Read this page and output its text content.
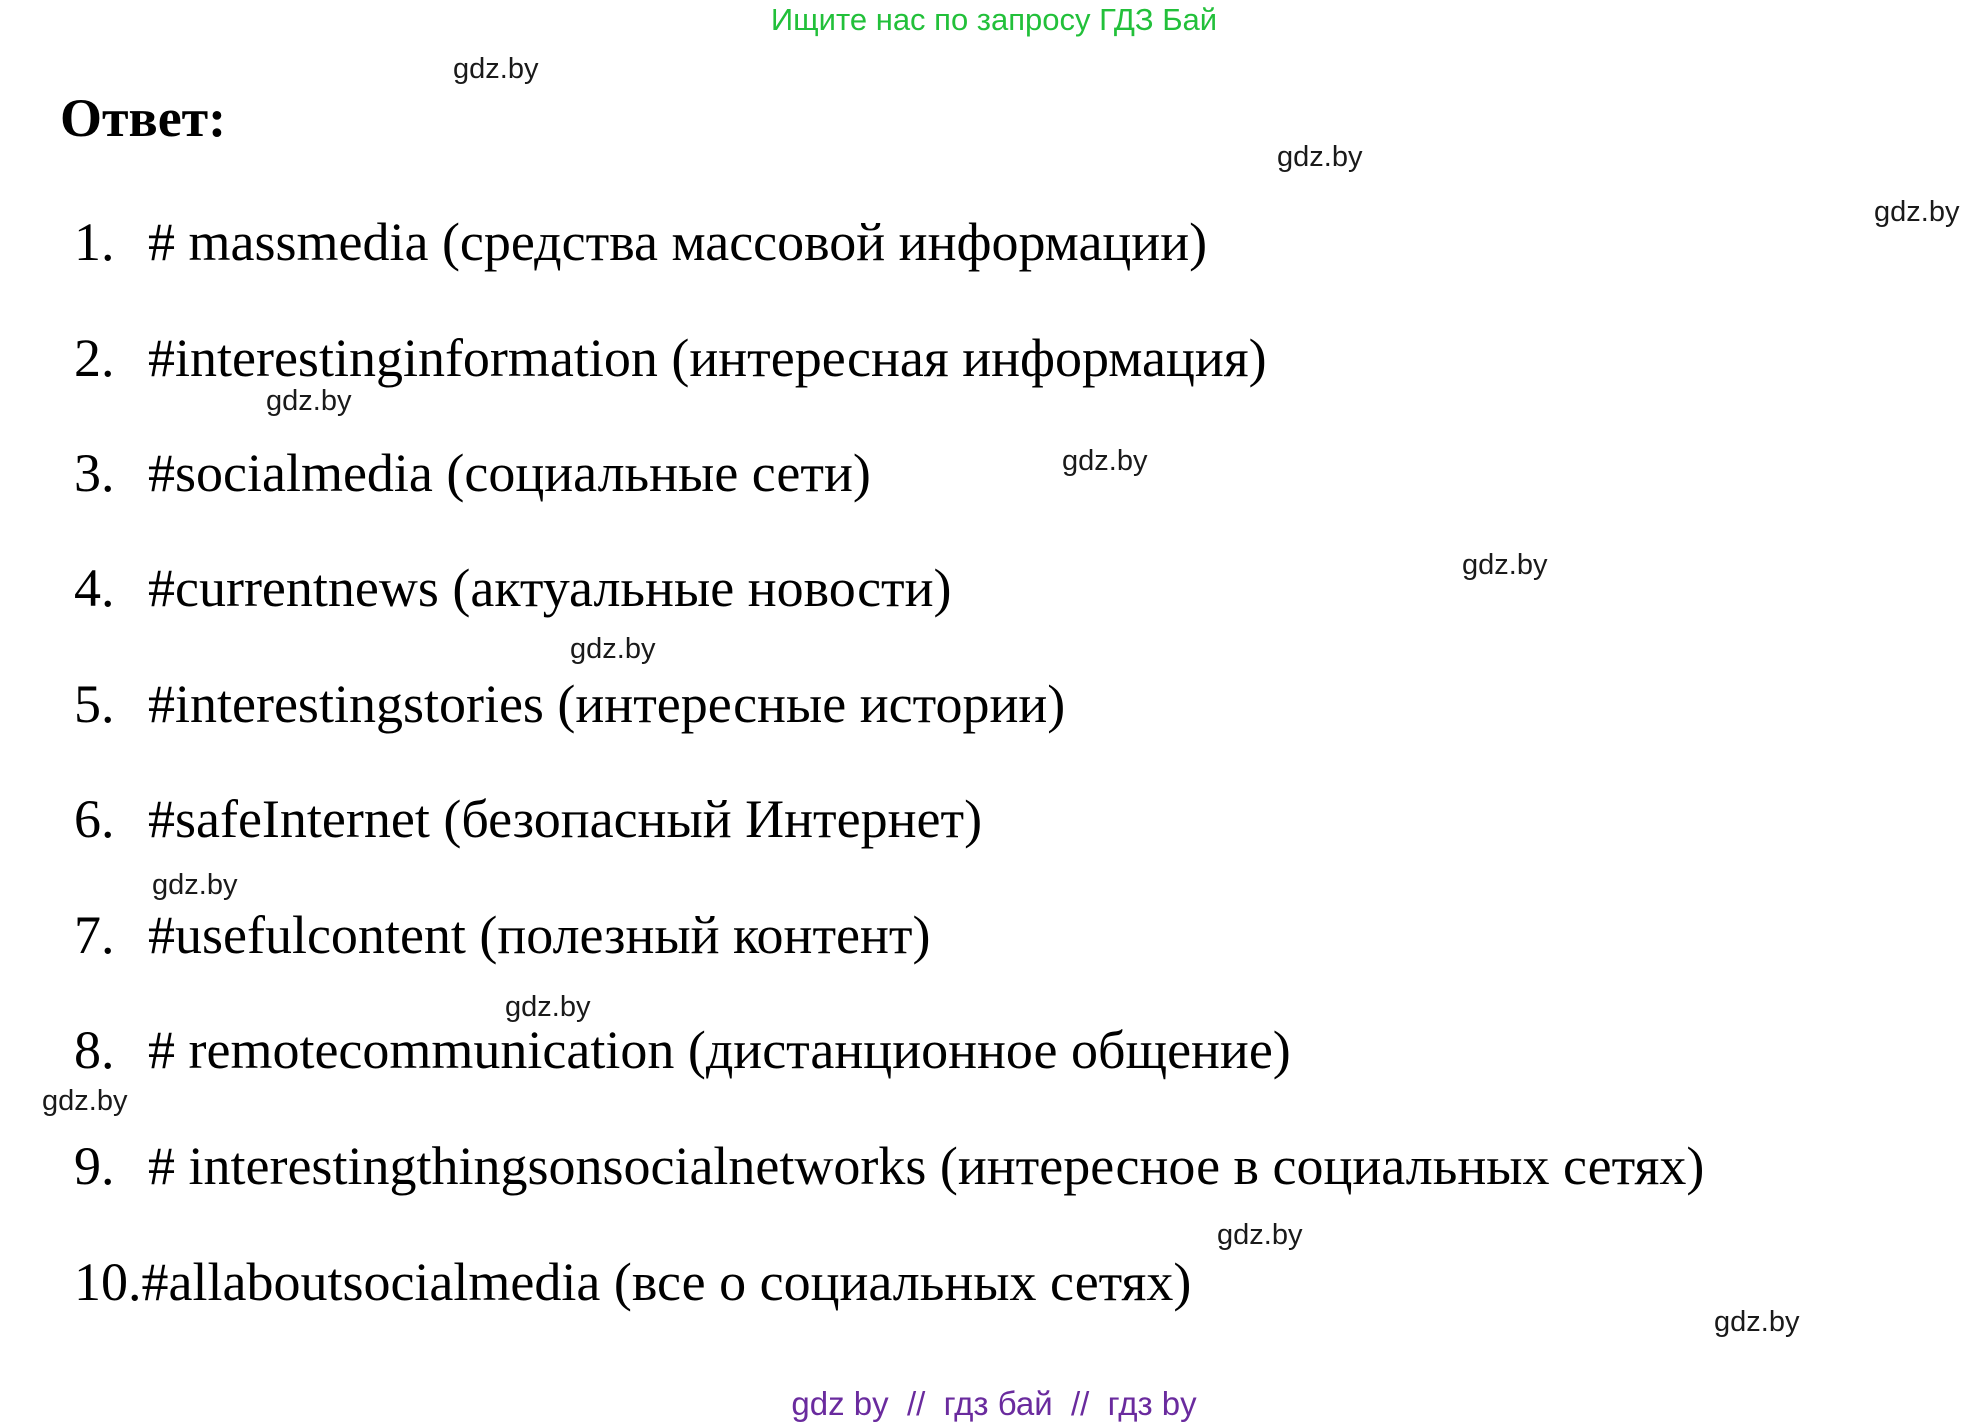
Ищите нас по запросу ГДЗ Бай
Ответ:
1. # massmedia (средства массовой информации)
2. #interestinginformation (интересная информация)
3. #socialmedia (социальные сети)
4. #currentnews (актуальные новости)
5. #interestingstories (интересные истории)
6. #safeInternet (безопасный Интернет)
7. #usefulcontent (полезный контент)
8. # remotecommunication (дистанционное общение)
9. # interestingthingsonsocialnetworks (интересное в социальных сетях)
10.#allaboutsocialmedia (все о социальных сетях)
gdz.by
gdz.by
gdz.by
gdz.by
gdz.by
gdz.by
gdz.by
gdz.by
gdz.by
gdz.by
gdz.by
gdz.by
gdz by  //  гдз бай  //  гдз by
